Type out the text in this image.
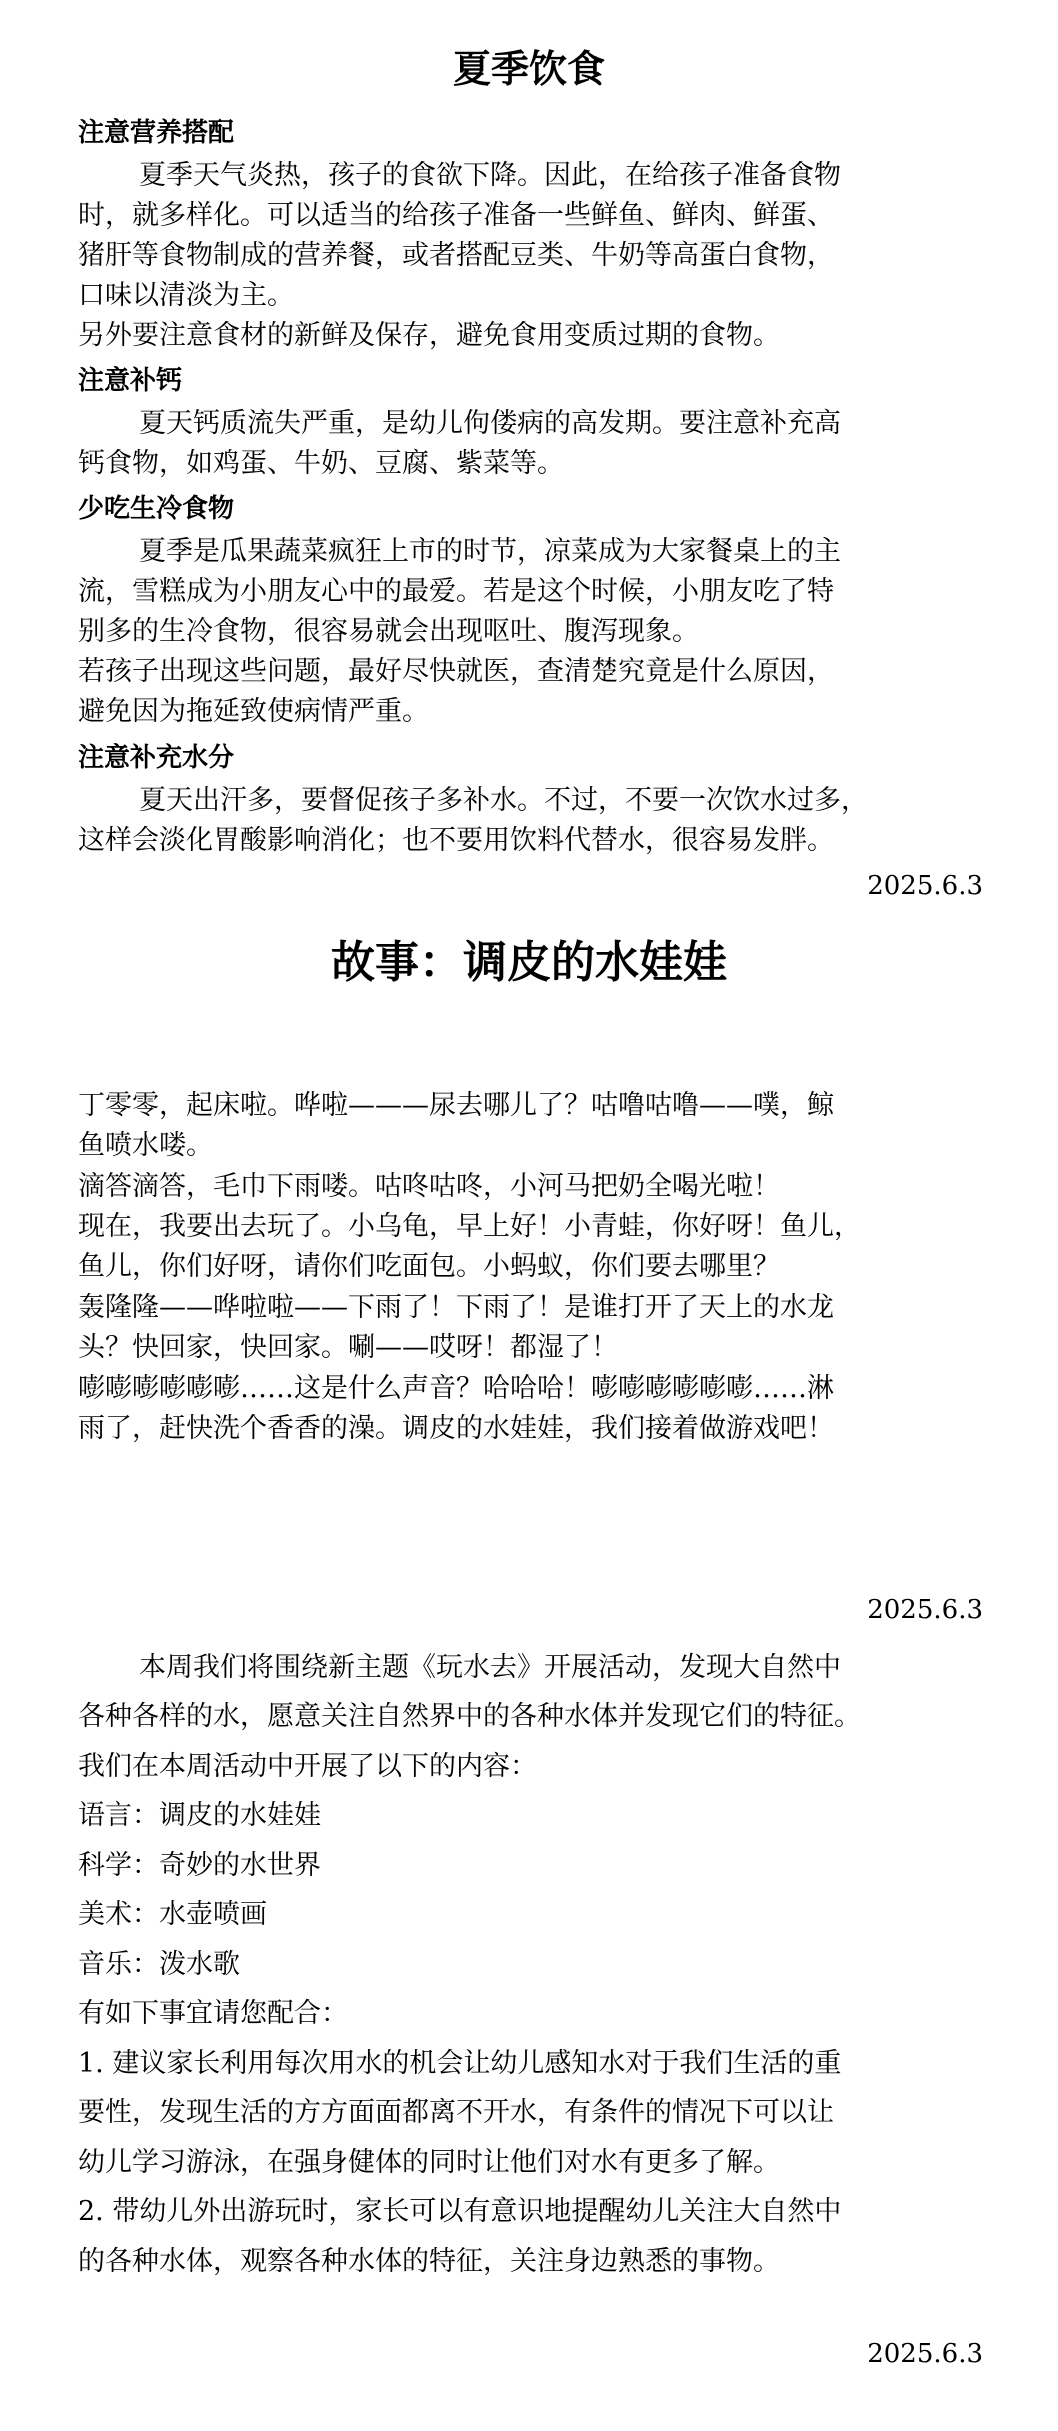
夏季饮食
注意营养搭配
夏季天气炎热，孩子的食欲下降。因此，在给孩子准备食物
时，就多样化。可以适当的给孩子准备一些鲜鱼、鲜肉、鲜蛋、
猪肝等食物制成的营养餐，或者搭配豆类、牛奶等高蛋白食物，
口味以清淡为主。
另外要注意食材的新鲜及保存，避免食用变质过期的食物。
注意补钙
夏天钙质流失严重，是幼儿佝偻病的高发期。要注意补充高
钙食物，如鸡蛋、牛奶、豆腐、紫菜等。
少吃生冷食物
夏季是瓜果蔬菜疯狂上市的时节，凉菜成为大家餐桌上的主
流，雪糕成为小朋友心中的最爱。若是这个时候，小朋友吃了特
别多的生冷食物，很容易就会出现呕吐、腹泻现象。
若孩子出现这些问题，最好尽快就医，查清楚究竟是什么原因，
避免因为拖延致使病情严重。
注意补充水分
夏天出汗多，要督促孩子多补水。不过，不要一次饮水过多，
这样会淡化胃酸影响消化；也不要用饮料代替水，很容易发胖。
2025.6.3
故事：调皮的水娃娃
丁零零，起床啦。哗啦———尿去哪儿了？咕噜咕噜——噗，鲸
鱼喷水喽。
滴答滴答，毛巾下雨喽。咕咚咕咚，小河马把奶全喝光啦！
现在，我要出去玩了。小乌龟，早上好！小青蛙，你好呀！鱼儿，
鱼儿，你们好呀，请你们吃面包。小蚂蚁，你们要去哪里？
轰隆隆——哗啦啦——下雨了！下雨了！是谁打开了天上的水龙
头？快回家，快回家。唰——哎呀！都湿了！
嘭嘭嘭嘭嘭嘭……这是什么声音？哈哈哈！嘭嘭嘭嘭嘭嘭……淋
雨了，赶快洗个香香的澡。调皮的水娃娃，我们接着做游戏吧！
2025.6.3
本周我们将围绕新主题《玩水去》开展活动，发现大自然中
各种各样的水，愿意关注自然界中的各种水体并发现它们的特征。
我们在本周活动中开展了以下的内容：
语言：调皮的水娃娃
科学：奇妙的水世界
美术：水壶喷画
音乐：泼水歌
有如下事宜请您配合：
1. 建议家长利用每次用水的机会让幼儿感知水对于我们生活的重
要性，发现生活的方方面面都离不开水，有条件的情况下可以让
幼儿学习游泳，在强身健体的同时让他们对水有更多了解。
2. 带幼儿外出游玩时，家长可以有意识地提醒幼儿关注大自然中
的各种水体，观察各种水体的特征，关注身边熟悉的事物。
2025.6.3
